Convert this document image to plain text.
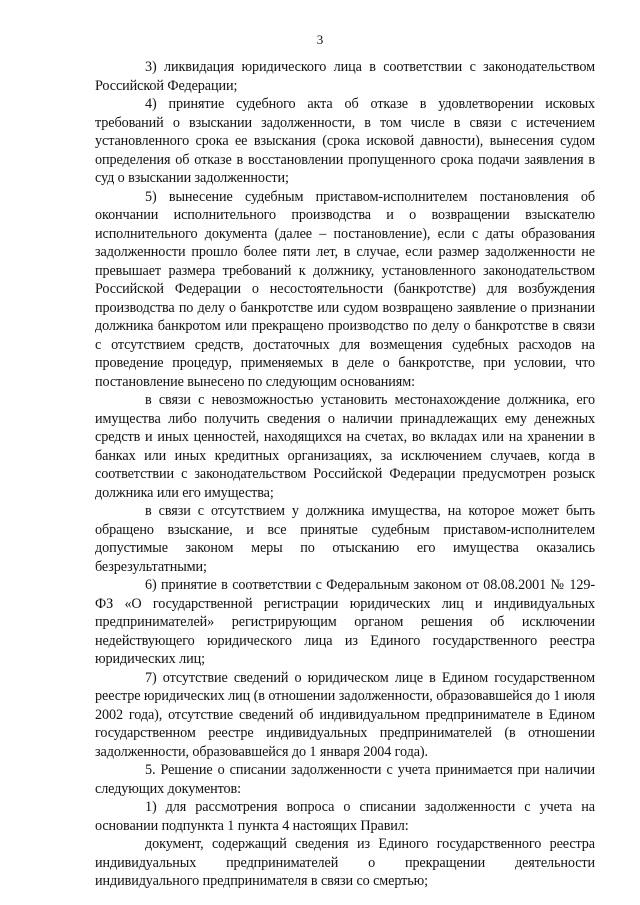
3

3) ликвидация юридического лица в соответствии с законодательством Российской Федерации;

4) принятие судебного акта об отказе в удовлетворении исковых требований о взыскании задолженности, в том числе в связи с истечением установленного срока ее взыскания (срока исковой давности), вынесения судом определения об отказе в восстановлении пропущенного срока подачи заявления в суд о взыскании задолженности;

5) вынесение судебным приставом-исполнителем постановления об окончании исполнительного производства и о возвращении взыскателю исполнительного документа (далее – постановление), если с даты образования задолженности прошло более пяти лет, в случае, если размер задолженности не превышает размера требований к должнику, установленного законодательством Российской Федерации о несостоятельности (банкротстве) для возбуждения производства по делу о банкротстве или судом возвращено заявление о признании должника банкротом или прекращено производство по делу о банкротстве в связи с отсутствием средств, достаточных для возмещения судебных расходов на проведение процедур, применяемых в деле о банкротстве, при условии, что постановление вынесено по следующим основаниям:

в связи с невозможностью установить местонахождение должника, его имущества либо получить сведения о наличии принадлежащих ему денежных средств и иных ценностей, находящихся на счетах, во вкладах или на хранении в банках или иных кредитных организациях, за исключением случаев, когда в соответствии с законодательством Российской Федерации предусмотрен розыск должника или его имущества;

в связи с отсутствием у должника имущества, на которое может быть обращено взыскание, и все принятые судебным приставом-исполнителем допустимые законом меры по отысканию его имущества оказались безрезультатными;

6) принятие в соответствии с Федеральным законом от 08.08.2001 № 129-ФЗ «О государственной регистрации юридических лиц и индивидуальных предпринимателей» регистрирующим органом решения об исключении недействующего юридического лица из Единого государственного реестра юридических лиц;

7) отсутствие сведений о юридическом лице в Едином государственном реестре юридических лиц (в отношении задолженности, образовавшейся до 1 июля 2002 года), отсутствие сведений об индивидуальном предпринимателе в Едином государственном реестре индивидуальных предпринимателей (в отношении задолженности, образовавшейся до 1 января 2004 года).

5. Решение о списании задолженности с учета принимается при наличии следующих документов:

1) для рассмотрения вопроса о списании задолженности с учета на основании подпункта 1 пункта 4 настоящих Правил:

документ, содержащий сведения из Единого государственного реестра индивидуальных предпринимателей о прекращении деятельности индивидуального предпринимателя в связи со смертью;
